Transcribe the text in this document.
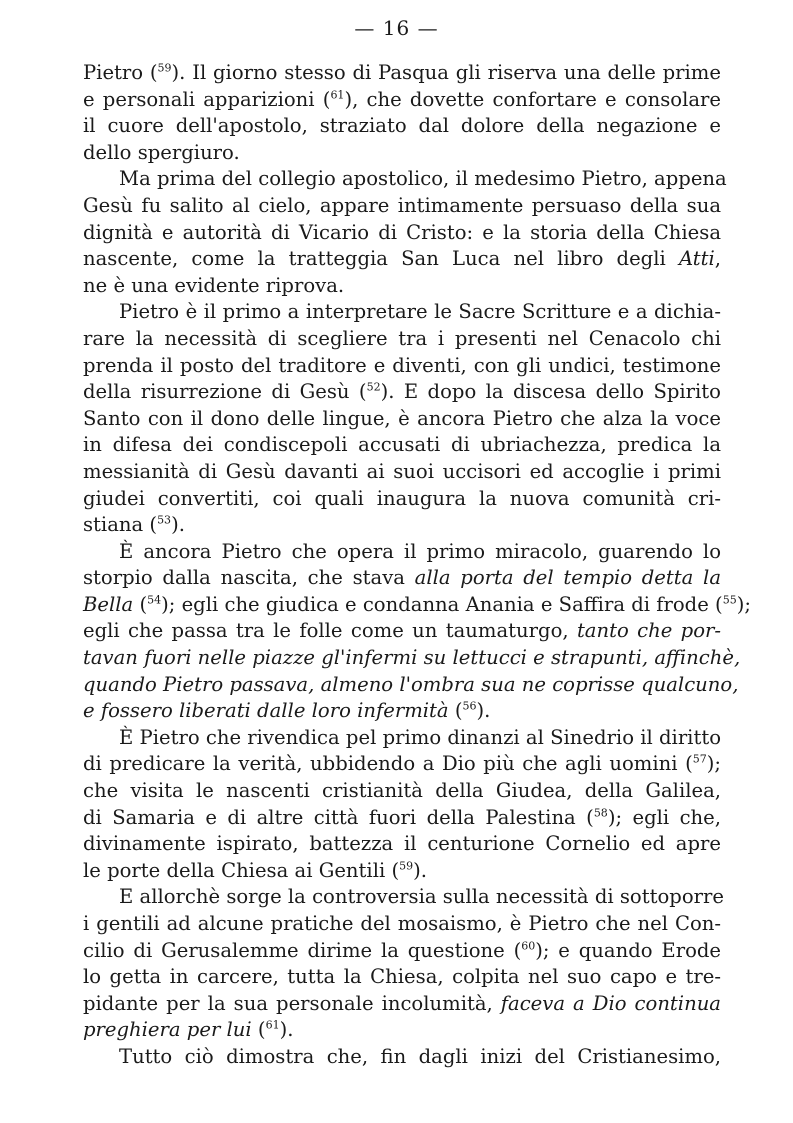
— 16 —
Pietro ($^{59}$). Il giorno stesso di Pasqua gli riserva una delle prime
e personali apparizioni ($^{61}$), che dovette confortare e consolare
il cuore dell'apostolo, straziato dal dolore della negazione e
dello spergiuro.
Ma prima del collegio apostolico, il medesimo Pietro, appena
Gesù fu salito al cielo, appare intimamente persuaso della sua
dignità e autorità di Vicario di Cristo: e la storia della Chiesa
nascente, come la tratteggia San Luca nel libro degli Atti,
ne è una evidente riprova.
Pietro è il primo a interpretare le Sacre Scritture e a dichia-
rare la necessità di scegliere tra i presenti nel Cenacolo chi
prenda il posto del traditore e diventi, con gli undici, testimone
della risurrezione di Gesù ($^{52}$). E dopo la discesa dello Spirito
Santo con il dono delle lingue, è ancora Pietro che alza la voce
in difesa dei condiscepoli accusati di ubriachezza, predica la
messianità di Gesù davanti ai suoi uccisori ed accoglie i primi
giudei convertiti, coi quali inaugura la nuova comunità cri-
stiana ($^{53}$).
È ancora Pietro che opera il primo miracolo, guarendo lo
storpio dalla nascita, che stava alla porta del tempio detta la
Bella ($^{54}$); egli che giudica e condanna Anania e Saffira di frode ($^{55}$);
egli che passa tra le folle come un taumaturgo, tanto che por-
tavan fuori nelle piazze gl'infermi su lettucci e strapunti, affinchè,
quando Pietro passava, almeno l'ombra sua ne coprisse qualcuno,
e fossero liberati dalle loro infermità ($^{56}$).
È Pietro che rivendica pel primo dinanzi al Sinedrio il diritto
di predicare la verità, ubbidendo a Dio più che agli uomini ($^{57}$);
che visita le nascenti cristianità della Giudea, della Galilea,
di Samaria e di altre città fuori della Palestina ($^{58}$); egli che,
divinamente ispirato, battezza il centurione Cornelio ed apre
le porte della Chiesa ai Gentili ($^{59}$).
E allorchè sorge la controversia sulla necessità di sottoporre
i gentili ad alcune pratiche del mosaismo, è Pietro che nel Con-
cilio di Gerusalemme dirime la questione ($^{60}$); e quando Erode
lo getta in carcere, tutta la Chiesa, colpita nel suo capo e tre-
pidante per la sua personale incolumità, faceva a Dio continua
preghiera per lui ($^{61}$).
Tutto ciò dimostra che, fin dagli inizi del Cristianesimo,
